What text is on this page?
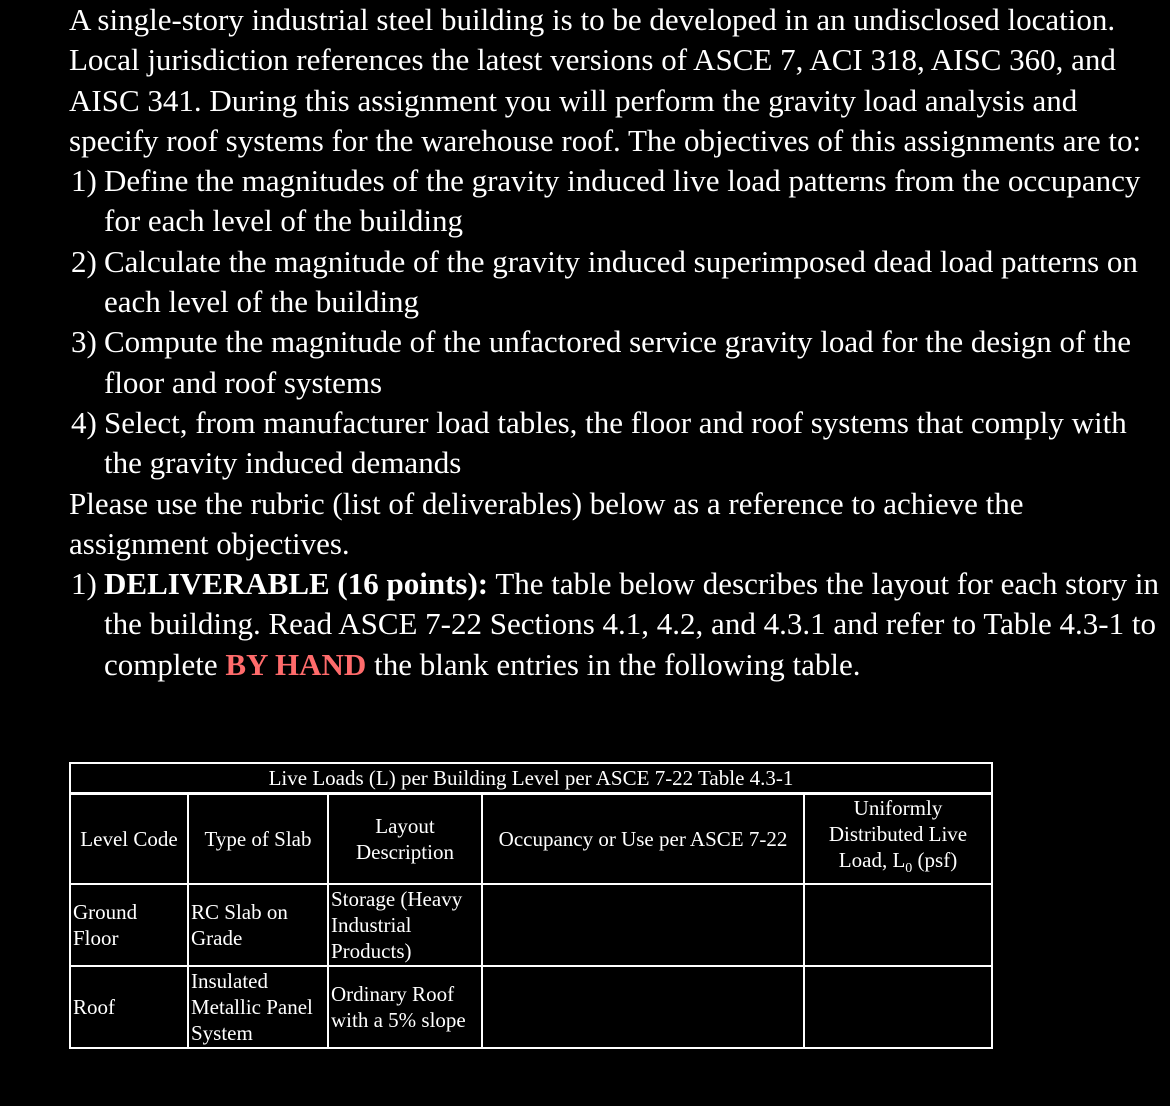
A single-story industrial steel building is to be developed in an undisclosed location. Local jurisdiction references the latest versions of ASCE 7, ACI 318, AISC 360, and AISC 341. During this assignment you will perform the gravity load analysis and specify roof systems for the warehouse roof. The objectives of this assignments are to:

1) Define the magnitudes of the gravity induced live load patterns from the occupancy for each level of the building
2) Calculate the magnitude of the gravity induced superimposed dead load patterns on each level of the building
3) Compute the magnitude of the unfactored service gravity load for the design of the floor and roof systems
4) Select, from manufacturer load tables, the floor and roof systems that comply with the gravity induced demands

Please use the rubric (list of deliverables) below as a reference to achieve the assignment objectives.

1) DELIVERABLE (16 points): The table below describes the layout for each story in the building. Read ASCE 7-22 Sections 4.1, 4.2, and 4.3.1 and refer to Table 4.3-1 to complete BY HAND the blank entries in the following table.
Live Loads (L) per Building Level per ASCE 7-22 Table 4.3-1				
Level Code	Type of Slab	Layout Description	Occupancy or Use per ASCE 7-22	Uniformly Distributed Live Load, $L_0$ (psf)
Ground Floor	RC Slab on Grade	Storage (Heavy Industrial Products)		
Roof	Insulated Metallic Panel System	Ordinary Roof with a 5% slope		
